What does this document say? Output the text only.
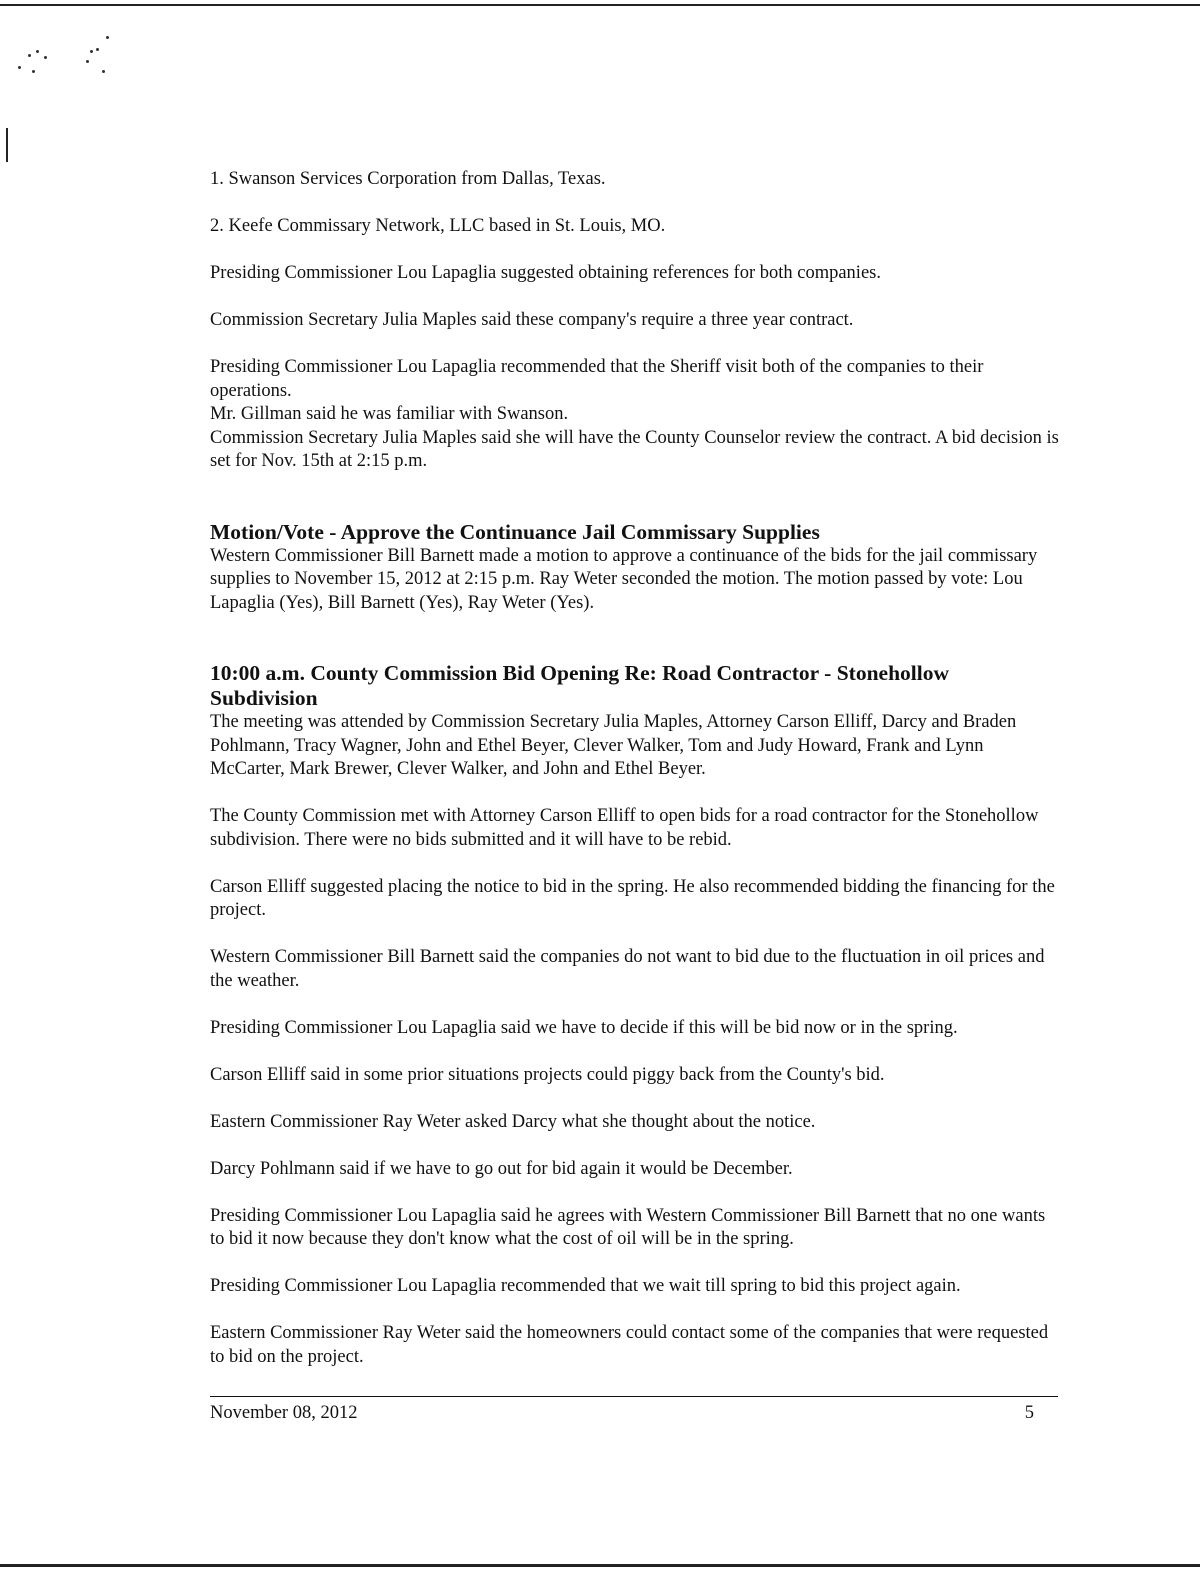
1. Swanson Services Corporation from Dallas, Texas.

2. Keefe Commissary Network, LLC based in St. Louis, MO.

Presiding Commissioner Lou Lapaglia suggested obtaining references for both companies.

Commission Secretary Julia Maples said these company's require a three year contract.

Presiding Commissioner Lou Lapaglia recommended that the Sheriff visit both of the companies to their operations.

Mr. Gillman said he was familiar with Swanson.

Commission Secretary Julia Maples said she will have the County Counselor review the contract. A bid decision is set for Nov. 15th at 2:15 p.m.

Motion/Vote - Approve the Continuance Jail Commissary Supplies

Western Commissioner Bill Barnett made a motion to approve a continuance of the bids for the jail commissary supplies to November 15, 2012 at 2:15 p.m. Ray Weter seconded the motion. The motion passed by vote: Lou Lapaglia (Yes), Bill Barnett (Yes), Ray Weter (Yes).

10:00 a.m. County Commission Bid Opening Re: Road Contractor - Stonehollow Subdivision

The meeting was attended by Commission Secretary Julia Maples, Attorney Carson Elliff, Darcy and Braden Pohlmann, Tracy Wagner, John and Ethel Beyer, Clever Walker, Tom and Judy Howard, Frank and Lynn McCarter, Mark Brewer, Clever Walker, and John and Ethel Beyer.

The County Commission met with Attorney Carson Elliff to open bids for a road contractor for the Stonehollow subdivision. There were no bids submitted and it will have to be rebid.

Carson Elliff suggested placing the notice to bid in the spring. He also recommended bidding the financing for the project.

Western Commissioner Bill Barnett said the companies do not want to bid due to the fluctuation in oil prices and the weather.

Presiding Commissioner Lou Lapaglia said we have to decide if this will be bid now or in the spring.

Carson Elliff said in some prior situations projects could piggy back from the County's bid.

Eastern Commissioner Ray Weter asked Darcy what she thought about the notice.

Darcy Pohlmann said if we have to go out for bid again it would be December.

Presiding Commissioner Lou Lapaglia said he agrees with Western Commissioner Bill Barnett that no one wants to bid it now because they don't know what the cost of oil will be in the spring.

Presiding Commissioner Lou Lapaglia recommended that we wait till spring to bid this project again.

Eastern Commissioner Ray Weter said the homeowners could contact some of the companies that were requested to bid on the project.

November 08, 2012	5
